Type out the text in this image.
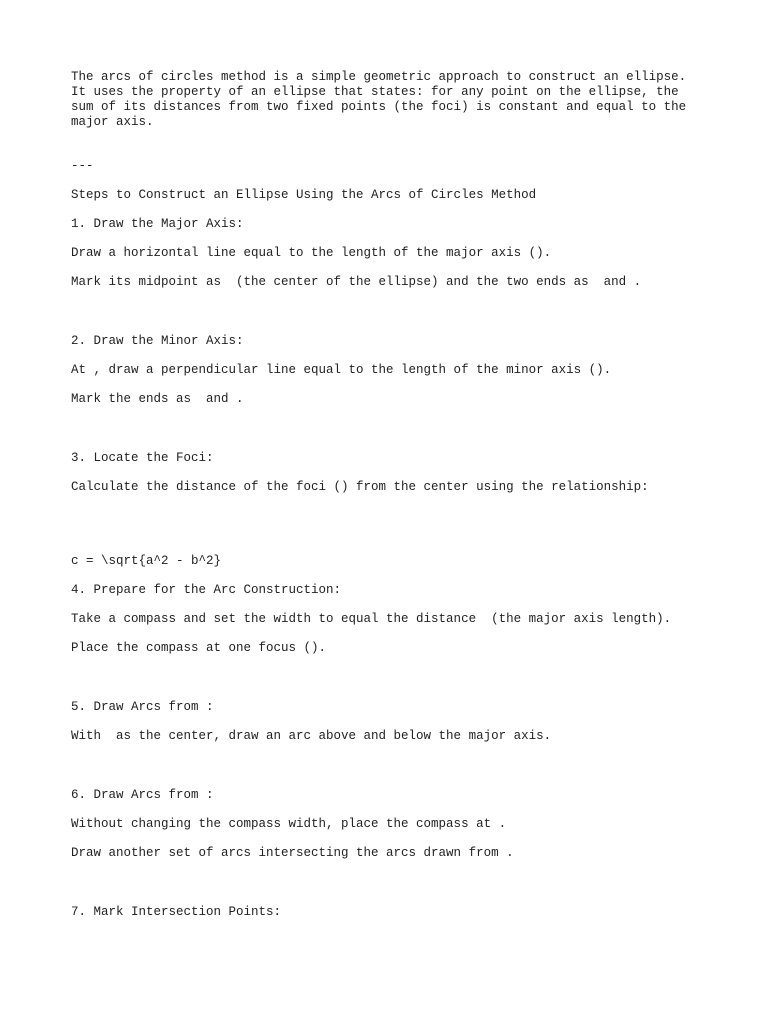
The arcs of circles method is a simple geometric approach to construct an ellipse.
It uses the property of an ellipse that states: for any point on the ellipse, the
sum of its distances from two fixed points (the foci) is constant and equal to the
major axis.

---

Steps to Construct an Ellipse Using the Arcs of Circles Method

1. Draw the Major Axis:

Draw a horizontal line equal to the length of the major axis ().

Mark its midpoint as  (the center of the ellipse) and the two ends as  and .

2. Draw the Minor Axis:

At , draw a perpendicular line equal to the length of the minor axis ().

Mark the ends as  and .

3. Locate the Foci:

Calculate the distance of the foci () from the center using the relationship:

c = \sqrt{a^2 - b^2}

4. Prepare for the Arc Construction:

Take a compass and set the width to equal the distance  (the major axis length).

Place the compass at one focus ().

5. Draw Arcs from :

With  as the center, draw an arc above and below the major axis.

6. Draw Arcs from :

Without changing the compass width, place the compass at .

Draw another set of arcs intersecting the arcs drawn from .

7. Mark Intersection Points:
